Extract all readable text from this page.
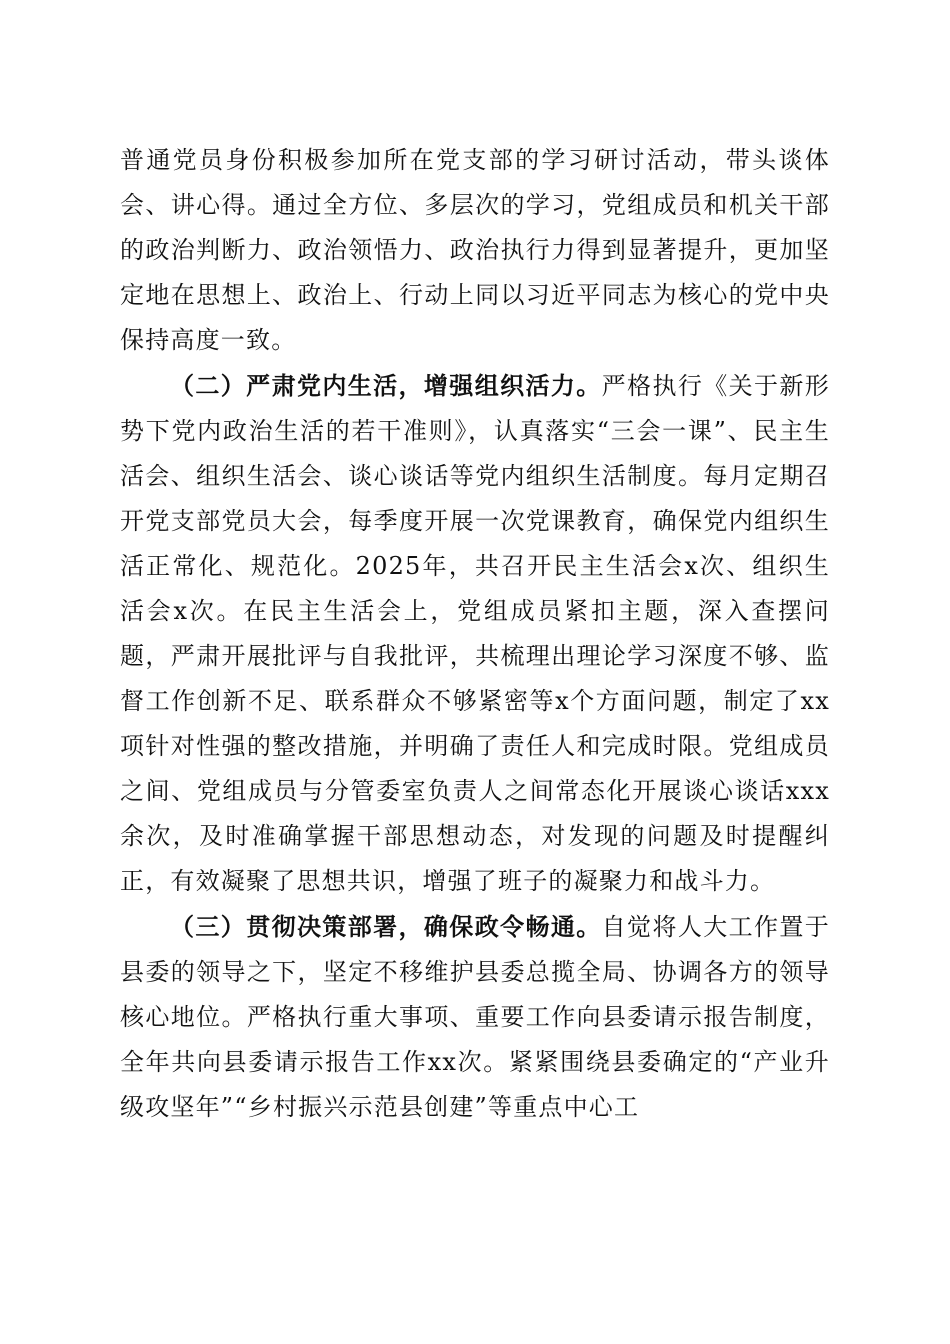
普通党员身份积极参加所在党支部的学习研讨活动，带头谈体会、讲心得。通过全方位、多层次的学习，党组成员和机关干部的政治判断力、政治领悟力、政治执行力得到显著提升，更加坚定地在思想上、政治上、行动上同以习近平同志为核心的党中央保持高度一致。

（二）严肃党内生活，增强组织活力。严格执行《关于新形势下党内政治生活的若干准则》，认真落实“三会一课”、民主生活会、组织生活会、谈心谈话等党内组织生活制度。每月定期召开党支部党员大会，每季度开展一次党课教育，确保党内组织生活正常化、规范化。2025年，共召开民主生活会x次、组织生活会x次。在民主生活会上，党组成员紧扣主题，深入查摆问题，严肃开展批评与自我批评，共梳理出理论学习深度不够、监督工作创新不足、联系群众不够紧密等x个方面问题，制定了xx项针对性强的整改措施，并明确了责任人和完成时限。党组成员之间、党组成员与分管委室负责人之间常态化开展谈心谈话xxx余次，及时准确掌握干部思想动态，对发现的问题及时提醒纠正，有效凝聚了思想共识，增强了班子的凝聚力和战斗力。

（三）贯彻决策部署，确保政令畅通。自觉将人大工作置于县委的领导之下，坚定不移维护县委总揽全局、协调各方的领导核心地位。严格执行重大事项、重要工作向县委请示报告制度，全年共向县委请示报告工作xx次。紧紧围绕县委确定的“产业升级攻坚年”“乡村振兴示范县创建”等重点中心工
